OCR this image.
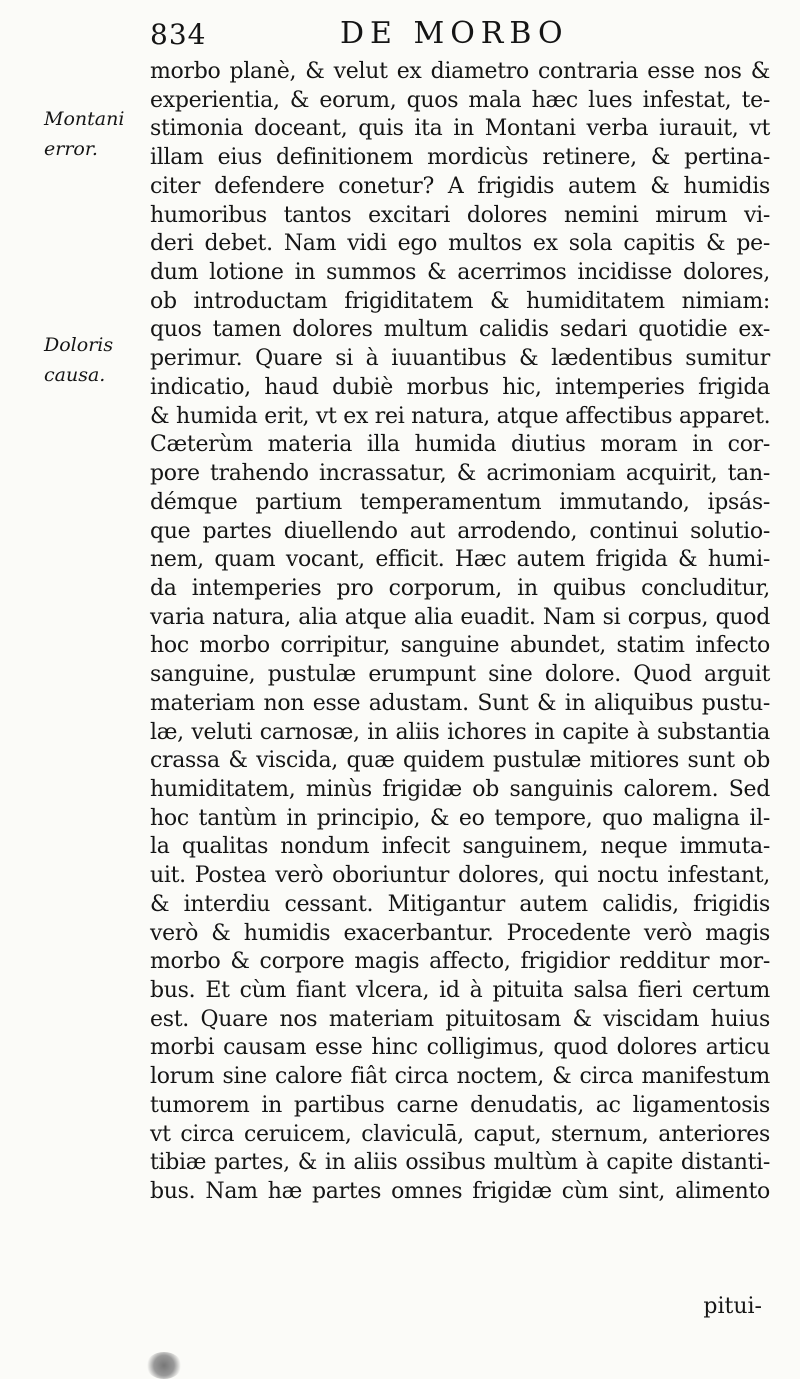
834	DE MORBO
Montani
error.
Doloris
causa.
morbo planè, & velut ex diametro contraria esse nos &
experientia, & eorum, quos mala hæc lues infestat, te-
stimonia doceant, quis ita in Montani verba iurauit, vt
illam eius definitionem mordicùs retinere, & pertina-
citer defendere conetur? A frigidis autem & humidis
humoribus tantos excitari dolores nemini mirum vi-
deri debet. Nam vidi ego multos ex sola capitis & pe-
dum lotione in summos & acerrimos incidisse dolores,
ob introductam frigiditatem & humiditatem nimiam:
quos tamen dolores multum calidis sedari quotidie ex-
perimur. Quare si à iuuantibus & lædentibus sumitur
indicatio, haud dubiè morbus hic, intemperies frigida
& humida erit, vt ex rei natura, atque affectibus apparet.
Cæterùm materia illa humida diutius moram in cor-
pore trahendo incrassatur, & acrimoniam acquirit, tan-
démque partium temperamentum immutando, ipsás-
que partes diuellendo aut arrodendo, continui solutio-
nem, quam vocant, efficit. Hæc autem frigida & humi-
da intemperies pro corporum, in quibus concluditur,
varia natura, alia atque alia euadit. Nam si corpus, quod
hoc morbo corripitur, sanguine abundet, statim infecto
sanguine, pustulæ erumpunt sine dolore. Quod arguit
materiam non esse adustam. Sunt & in aliquibus pustu-
læ, veluti carnosæ, in aliis ichores in capite à substantia
crassa & viscida, quæ quidem pustulæ mitiores sunt ob
humiditatem, minùs frigidæ ob sanguinis calorem. Sed
hoc tantùm in principio, & eo tempore, quo maligna il-
la qualitas nondum infecit sanguinem, neque immuta-
uit. Postea verò oboriuntur dolores, qui noctu infestant,
& interdiu cessant. Mitigantur autem calidis, frigidis
verò & humidis exacerbantur. Procedente verò magis
morbo & corpore magis affecto, frigidior redditur mor-
bus. Et cùm fiant vlcera, id à pituita salsa fieri certum
est. Quare nos materiam pituitosam & viscidam huius
morbi causam esse hinc colligimus, quod dolores articu
lorum sine calore fiât circa noctem, & circa manifestum
tumorem in partibus carne denudatis, ac ligamentosis
vt circa ceruicem, claviculā, caput, sternum, anteriores
tibiæ partes, & in aliis ossibus multùm à capite distanti-
bus. Nam hæ partes omnes frigidæ cùm sint, alimento
pitui-
